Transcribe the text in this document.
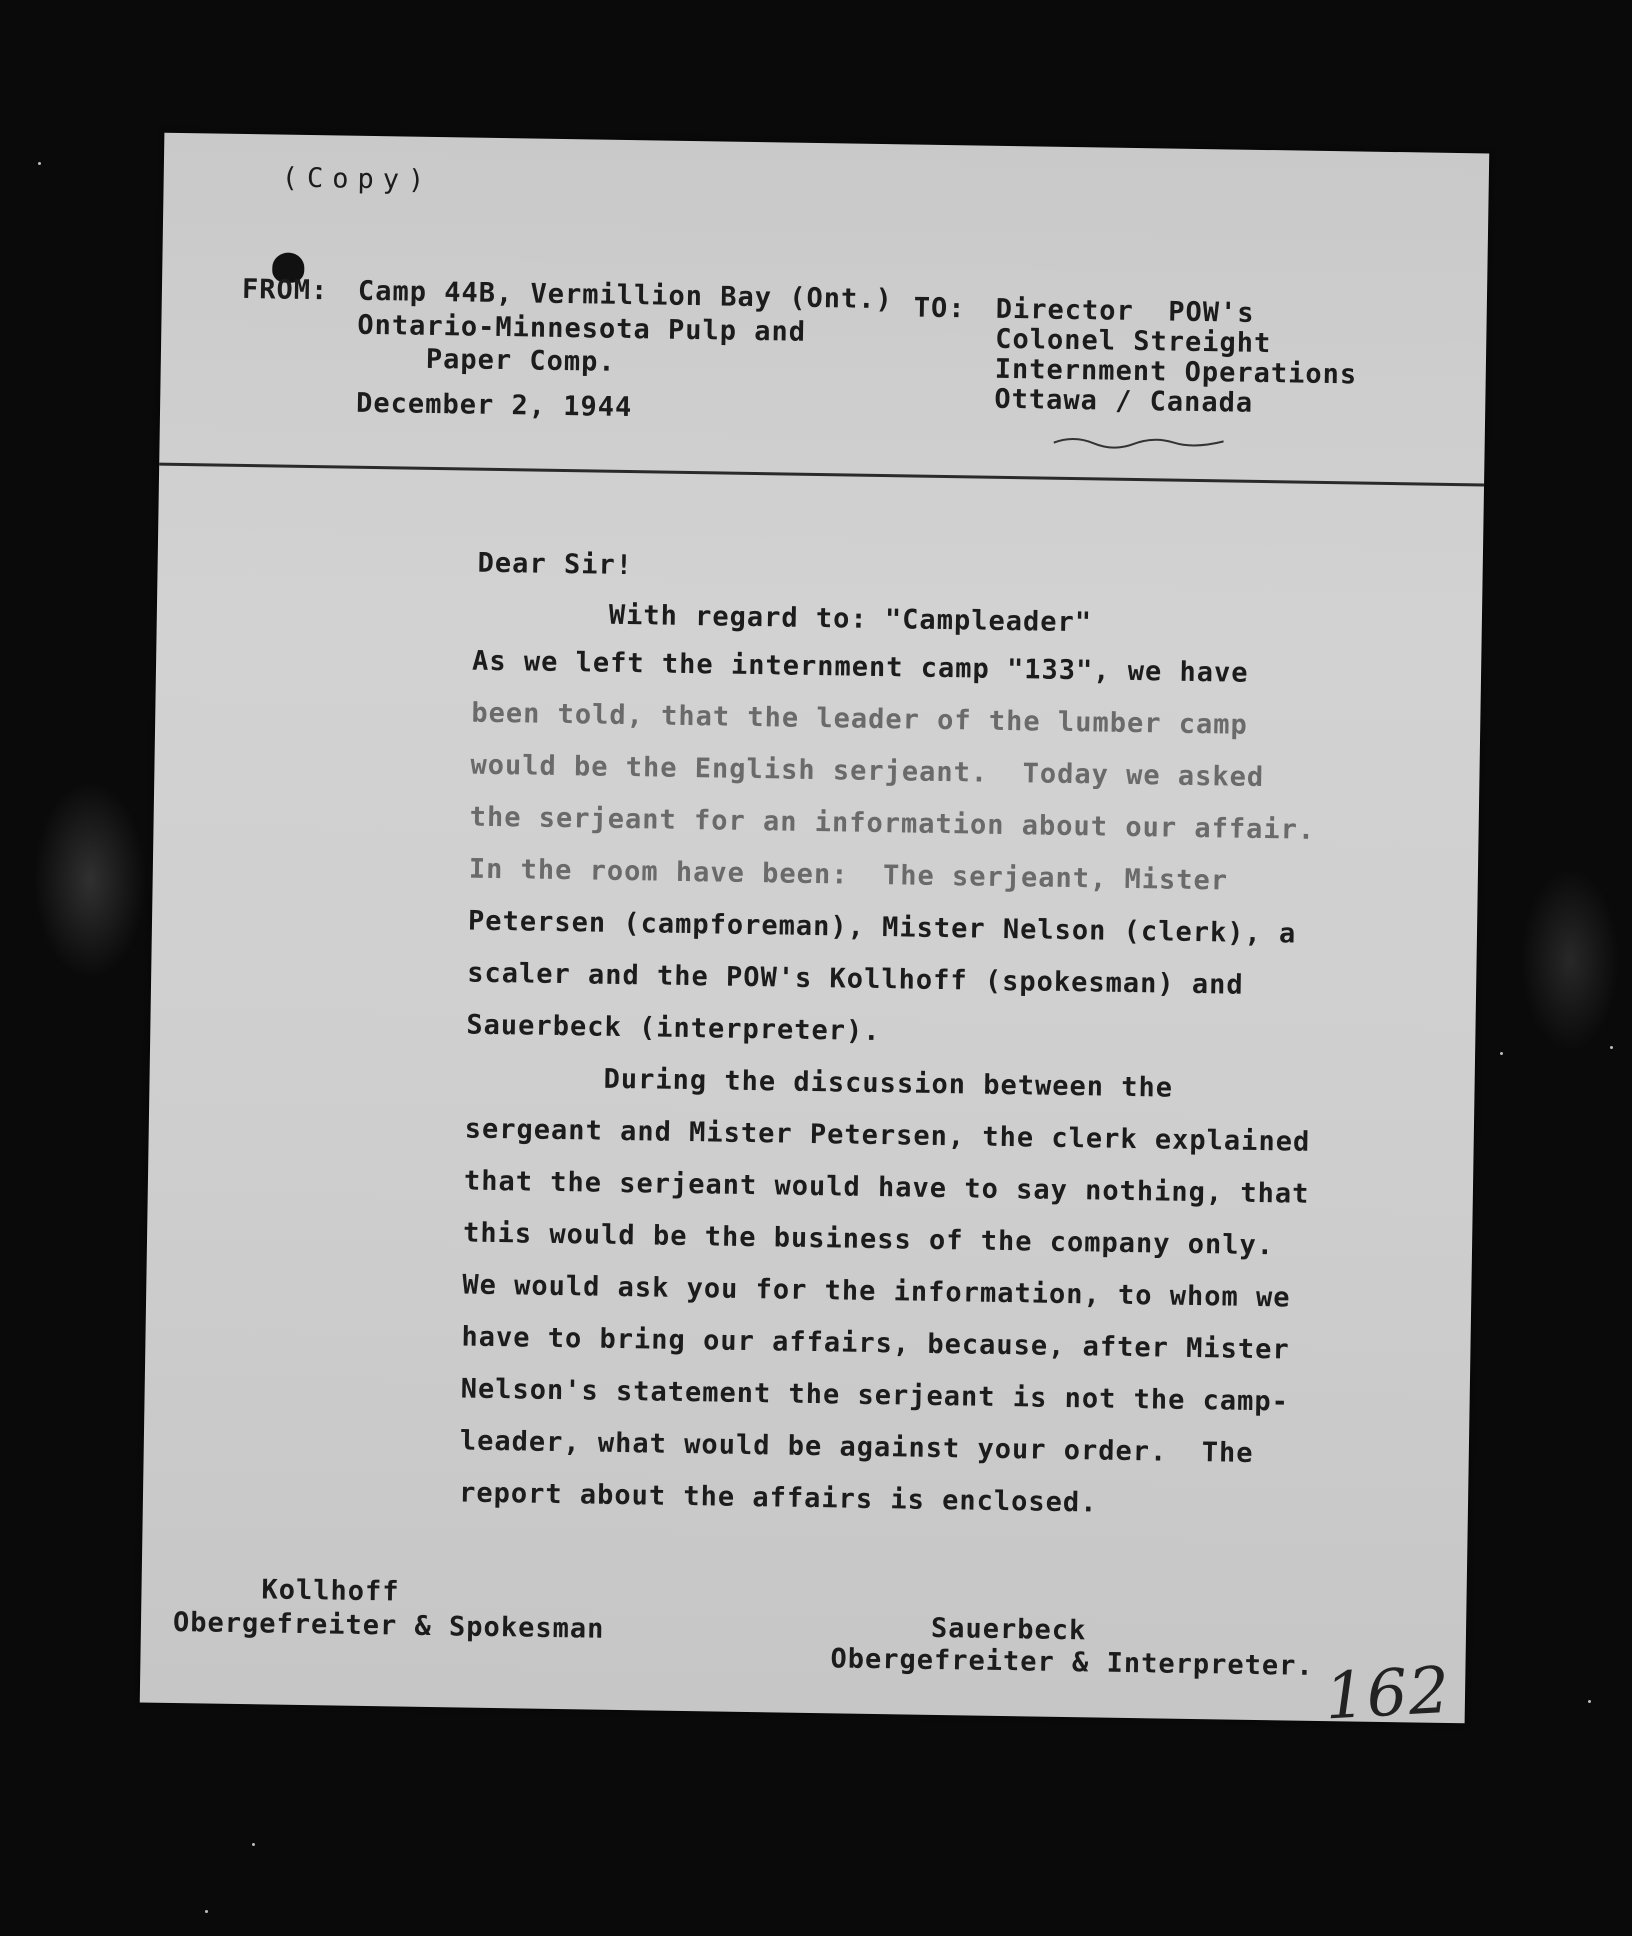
(Copy)
FROM: Camp 44B, Vermillion Bay (Ont.)
Ontario-Minnesota Pulp and
Paper Comp.
December 2, 1944
TO: Director  POW's
Colonel Streight
Internment Operations
Ottawa / Canada
Dear Sir!
With regard to: "Campleader"
As we left the internment camp "133", we have
been told, that the leader of the lumber camp
would be the English serjeant.  Today we asked
the serjeant for an information about our affair.
In the room have been:  The serjeant, Mister
Petersen (campforeman), Mister Nelson (clerk), a
scaler and the POW's Kollhoff (spokesman) and
Sauerbeck (interpreter).
During the discussion between the
sergeant and Mister Petersen, the clerk explained
that the serjeant would have to say nothing, that
this would be the business of the company only.
We would ask you for the information, to whom we
have to bring our affairs, because, after Mister
Nelson's statement the serjeant is not the camp-
leader, what would be against your order.  The
report about the affairs is enclosed.
Kollhoff
Obergefreiter & Spokesman	Sauerbeck
Obergefreiter & Interpreter. 162
